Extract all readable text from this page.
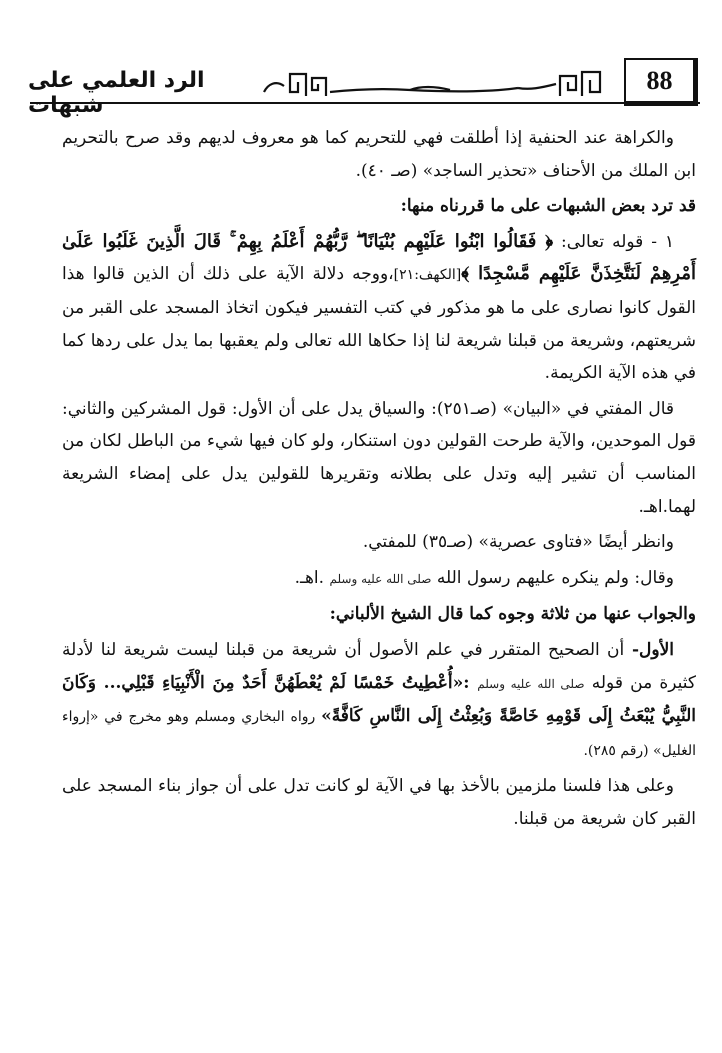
88
الرد العلمي على شبهات

والكراهة عند الحنفية إذا أطلقت فهي للتحريم كما هو معروف لديهم وقد صرح بالتحريم ابن الملك من الأحناف «تحذير الساجد» (صـ ٤٠).

قد ترد بعض الشبهات على ما قررناه منها:

١ - قوله تعالى: ﴿ فَقَالُوا ابْنُوا عَلَيْهِم بُنْيَانًا ۖ رَّبُّهُمْ أَعْلَمُ بِهِمْ ۚ قَالَ الَّذِينَ غَلَبُوا عَلَىٰ أَمْرِهِمْ لَنَتَّخِذَنَّ عَلَيْهِم مَّسْجِدًا ﴾[الكهف:٢١]،ووجه دلالة الآية على ذلك أن الذين قالوا هذا القول كانوا نصارى على ما هو مذكور في كتب التفسير فيكون اتخاذ المسجد على القبر من شريعتهم، وشريعة من قبلنا شريعة لنا إذا حكاها الله تعالى ولم يعقبها بما يدل على ردها كما في هذه الآية الكريمة.

قال المفتي في «البيان» (صـ٢٥١): والسياق يدل على أن الأول: قول المشركين والثاني: قول الموحدين، والآية طرحت القولين دون استنكار، ولو كان فيها شيء من الباطل لكان من المناسب أن تشير إليه وتدل على بطلانه وتقريرها للقولين يدل على إمضاء الشريعة لهما.اهـ.

وانظر أيضًا «فتاوى عصرية» (صـ٣٥) للمفتي.

وقال: ولم ينكره عليهم رسول الله صلى الله عليه وسلم .اهـ.

والجواب عنها من ثلاثة وجوه كما قال الشيخ الألباني:

الأول- أن الصحيح المتقرر في علم الأصول أن شريعة من قبلنا ليست شريعة لنا لأدلة كثيرة من قوله صلى الله عليه وسلم :«أُعْطِيتُ خَمْسًا لَمْ يُعْطَهُنَّ أَحَدٌ مِنَ الْأَنْبِيَاءِ قَبْلِي... وَكَانَ النَّبِيُّ يُبْعَثُ إِلَى قَوْمِهِ خَاصَّةً وَبُعِثْتُ إِلَى النَّاسِ كَافَّةً» رواه البخاري ومسلم وهو مخرج في «إرواء الغليل» (رقم ٢٨٥).

وعلى هذا فلسنا ملزمين بالأخذ بها في الآية لو كانت تدل على أن جواز بناء المسجد على القبر كان شريعة من قبلنا.
